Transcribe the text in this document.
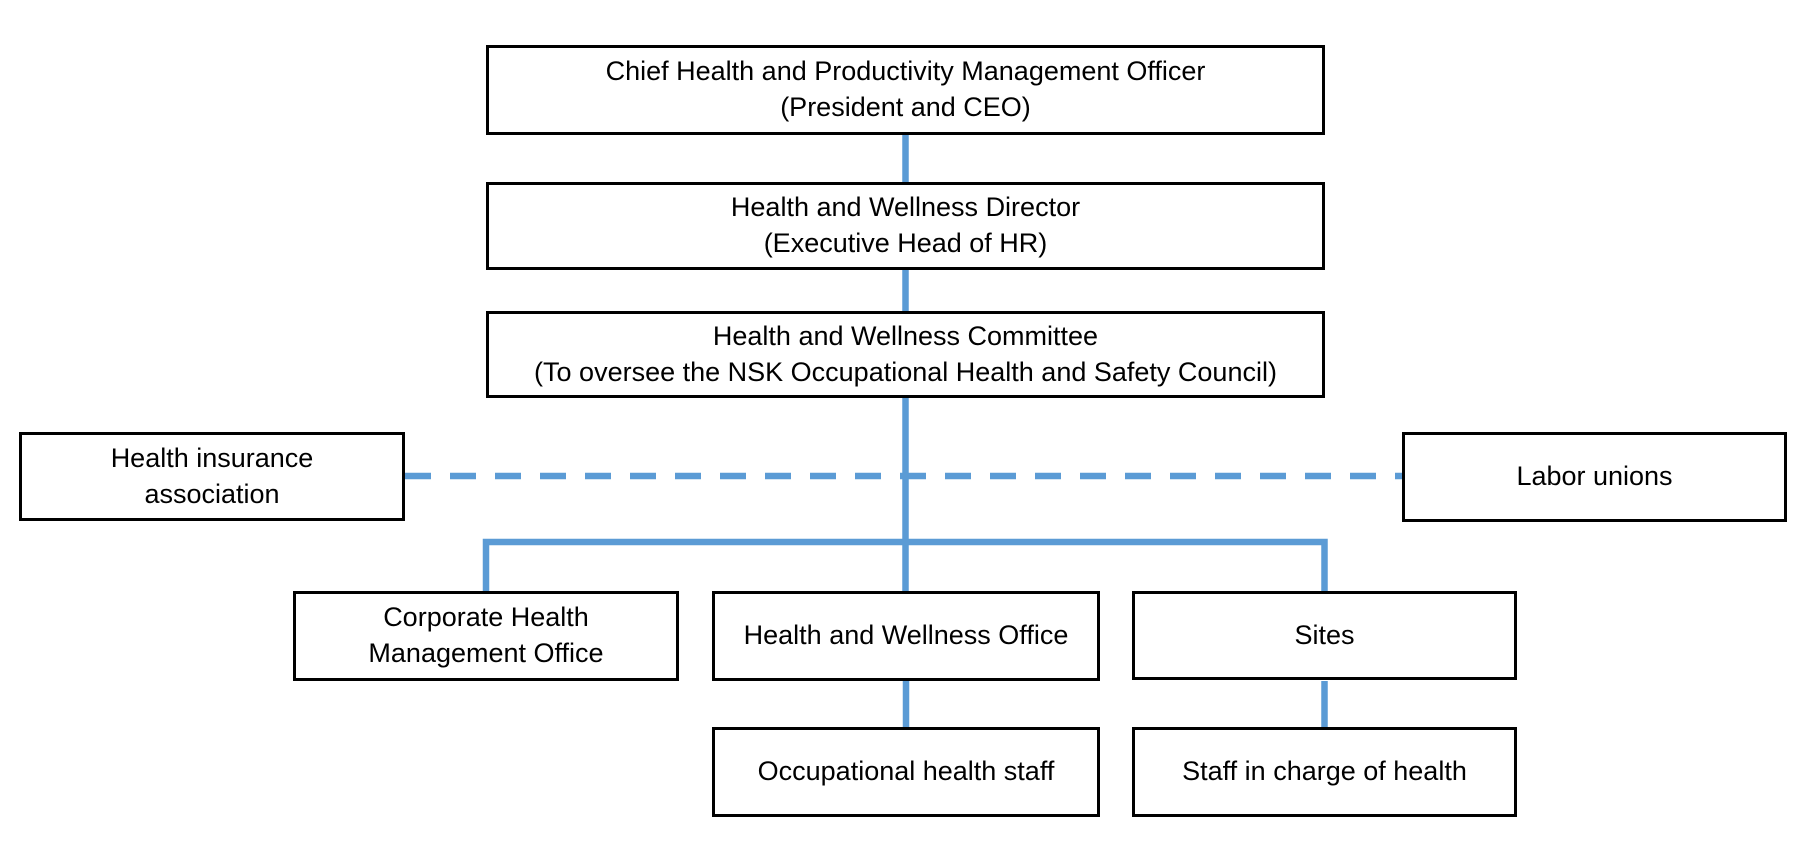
Chief Health and Productivity Management Officer
(President and CEO)
Health and Wellness Director
(Executive Head of HR)
Health and Wellness Committee
(To oversee the NSK Occupational Health and Safety Council)
Health insurance
association
Labor unions
Corporate Health
Management Office
Health and Wellness Office	Sites
Occupational health staff	Staff in charge of health
